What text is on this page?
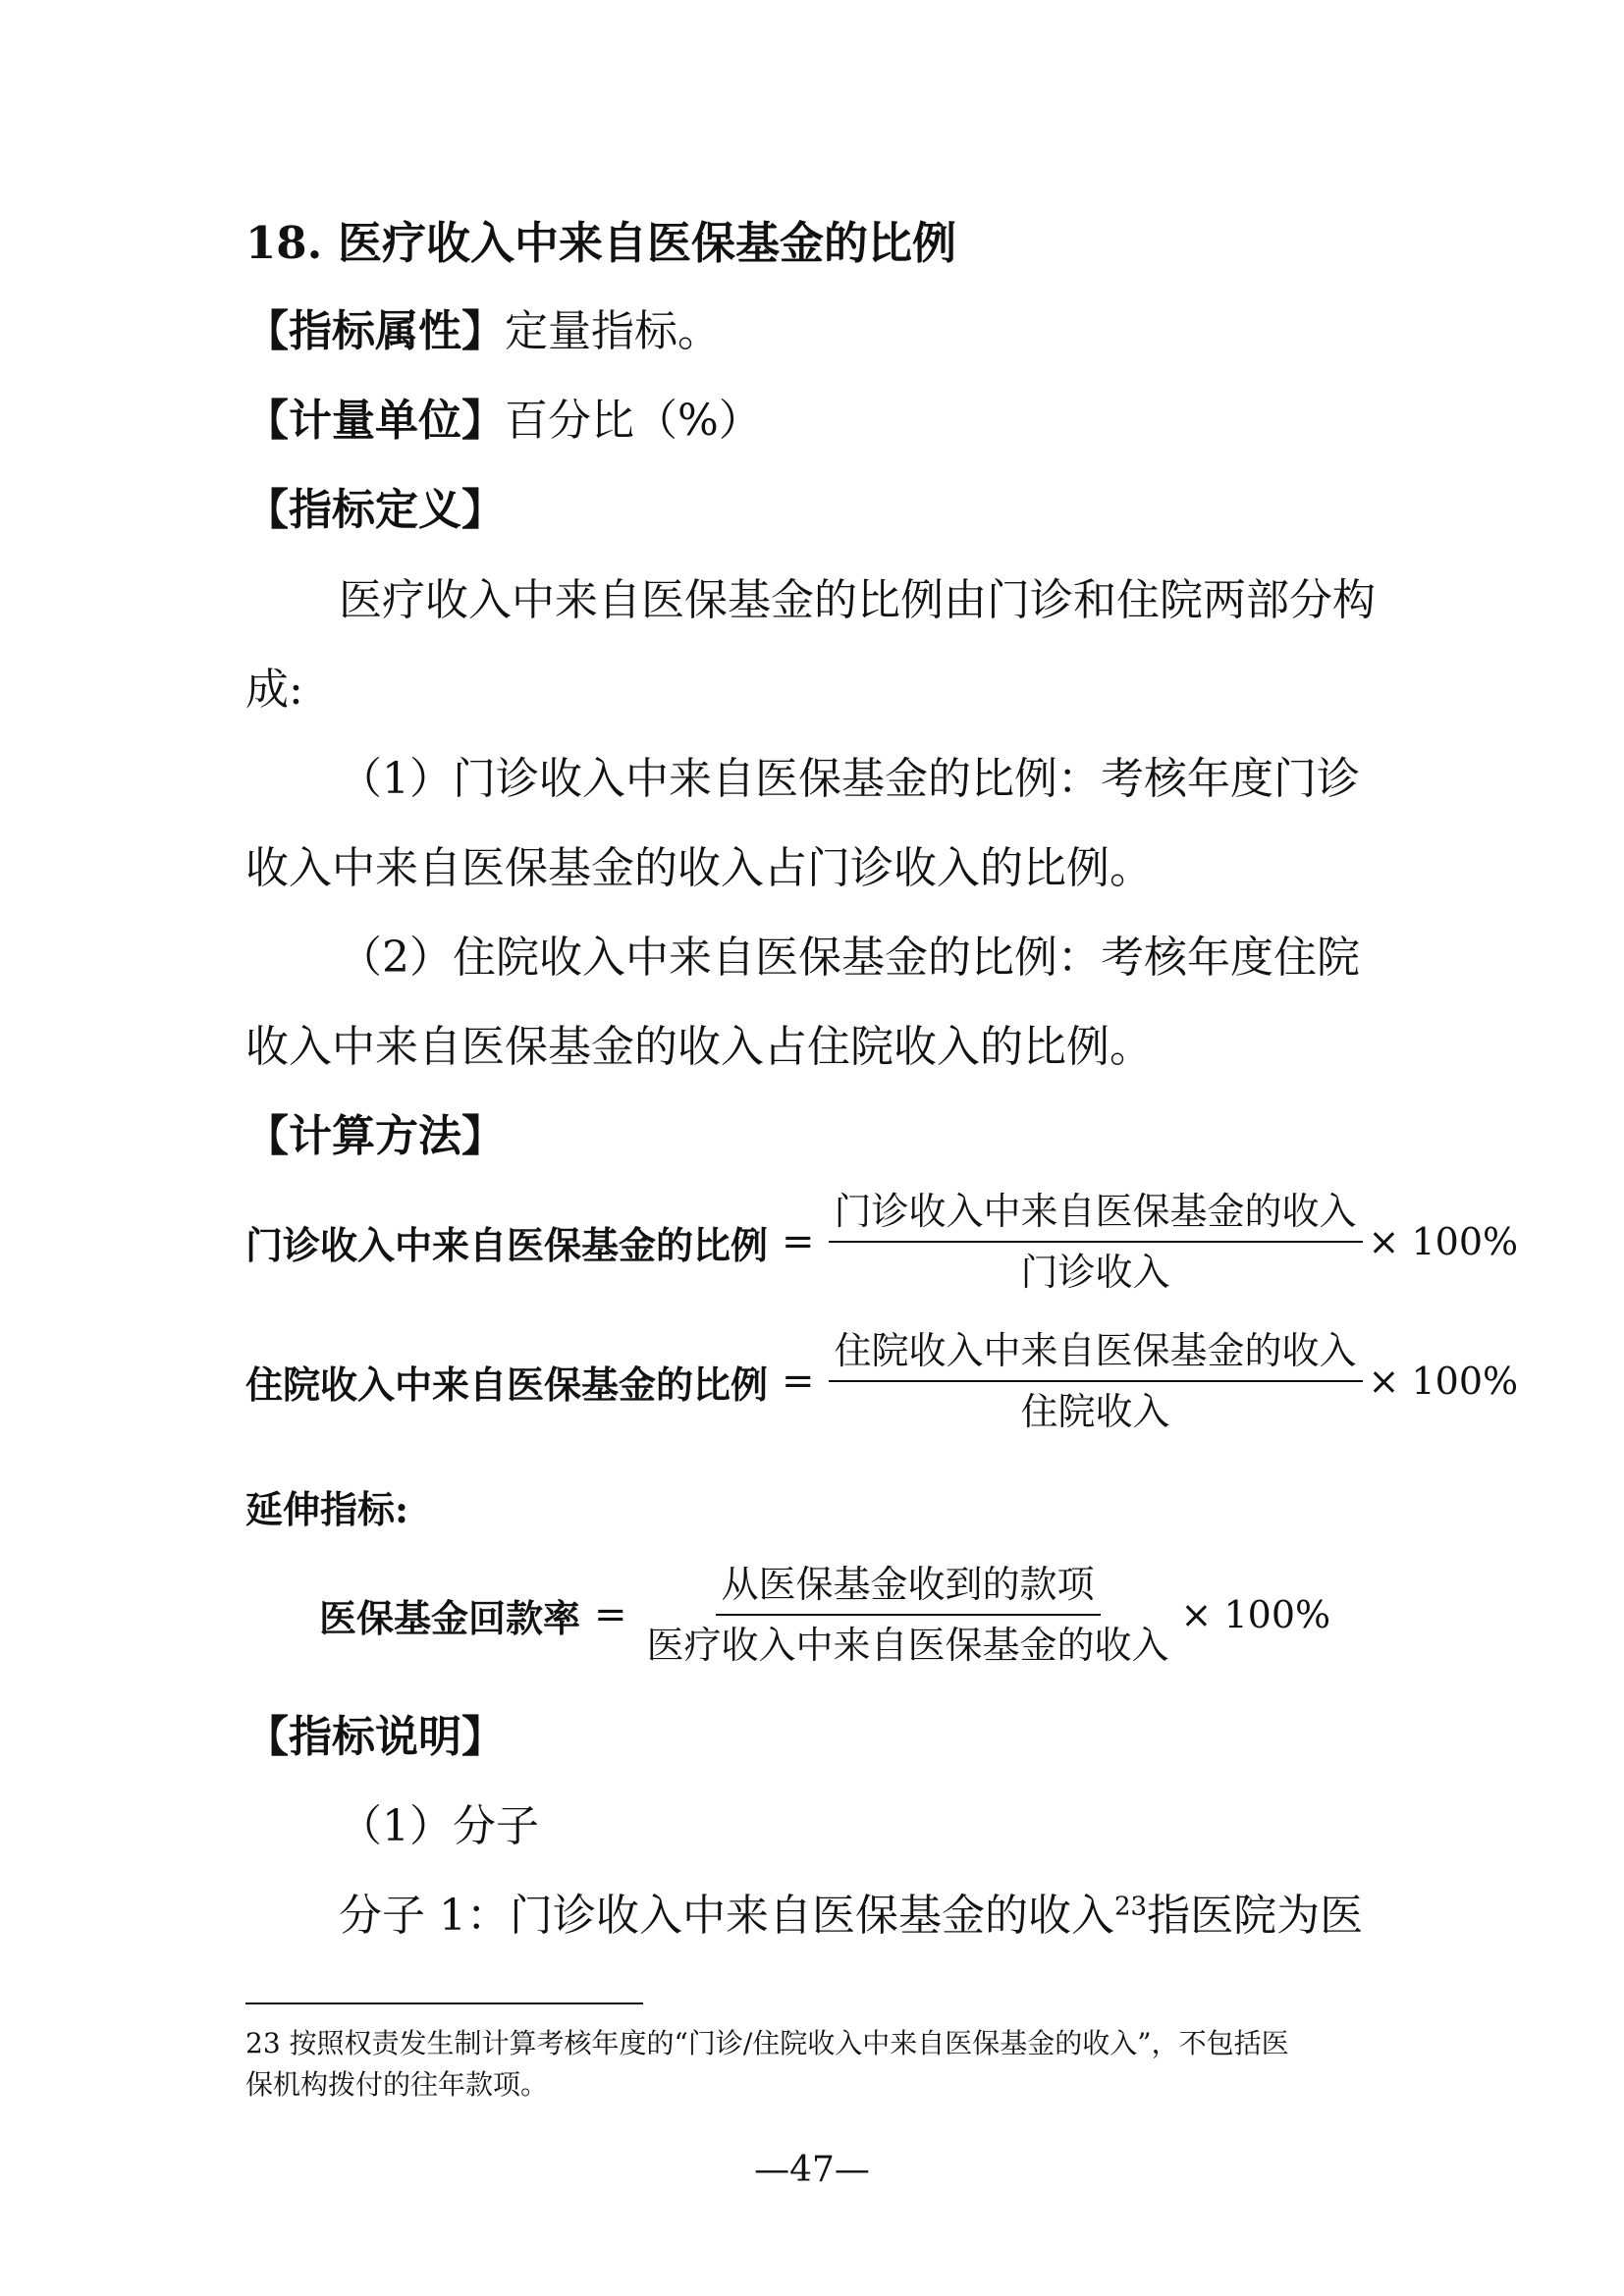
18. 医疗收入中来自医保基金的比例
【指标属性】定量指标。
【计量单位】百分比（%）
【指标定义】
医疗收入中来自医保基金的比例由门诊和住院两部分构
成:
（1）门诊收入中来自医保基金的比例：考核年度门诊
收入中来自医保基金的收入占门诊收入的比例。
（2）住院收入中来自医保基金的比例：考核年度住院
收入中来自医保基金的收入占住院收入的比例。
【计算方法】
门诊收入中来自医保基金的比例 = $\frac{\text{门诊收入中来自医保基金的收入}}{\text{门诊收入}} \times 100\%$
住院收入中来自医保基金的比例 = $\frac{\text{住院收入中来自医保基金的收入}}{\text{住院收入}} \times 100\%$
延伸指标:
医保基金回款率 = $\frac{\text{从医保基金收到的款项}}{\text{医疗收入中来自医保基金的收入}} \times 100\%$
【指标说明】
（1）分子
分子 1：门诊收入中来自医保基金的收入$^{23}$指医院为医
23 按照权责发生制计算考核年度的“门诊/住院收入中来自医保基金的收入”，不包括医
保机构拨付的往年款项。
—47—
